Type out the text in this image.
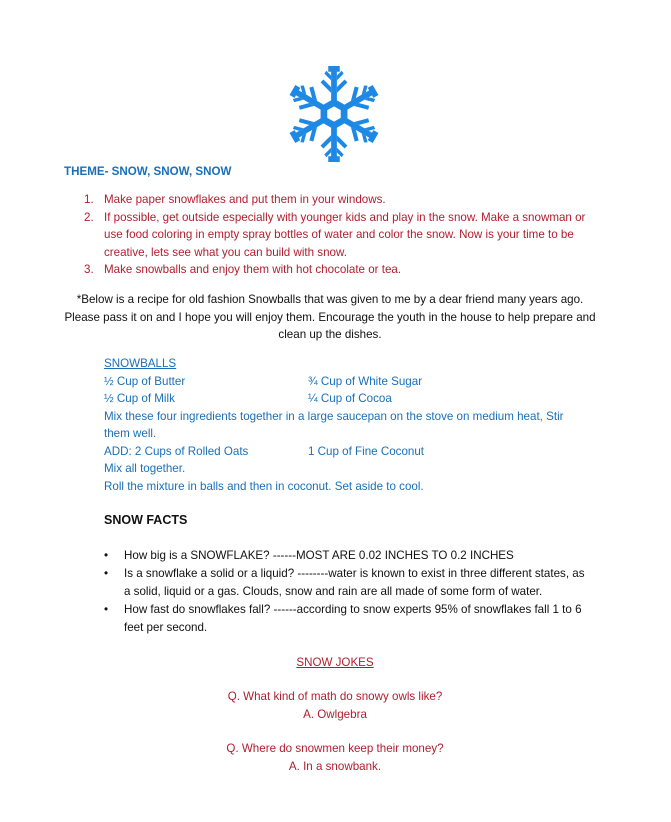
THEME- SNOW, SNOW, SNOW
1. Make paper snowflakes and put them in your windows.
2. If possible, get outside especially with younger kids and play in the snow. Make a snowman or
use food coloring in empty spray bottles of water and color the snow. Now is your time to be
creative, lets see what you can build with snow.
3. Make snowballs and enjoy them with hot chocolate or tea.
*Below is a recipe for old fashion Snowballs that was given to me by a dear friend many years ago.
Please pass it on and I hope you will enjoy them. Encourage the youth in the house to help prepare and
clean up the dishes.
SNOWBALLS
½ Cup of Butter	¾ Cup of White Sugar
½ Cup of Milk	¼ Cup of Cocoa
Mix these four ingredients together in a large saucepan on the stove on medium heat, Stir
them well.
ADD: 2 Cups of Rolled Oats	1 Cup of Fine Coconut
Mix all together.
Roll the mixture in balls and then in coconut. Set aside to cool.
SNOW FACTS
• How big is a SNOWFLAKE? ------MOST ARE 0.02 INCHES TO 0.2 INCHES
• Is a snowflake a solid or a liquid? --------water is known to exist in three different states, as
a solid, liquid or a gas. Clouds, snow and rain are all made of some form of water.
• How fast do snowflakes fall? ------according to snow experts 95% of snowflakes fall 1 to 6
feet per second.
SNOW JOKES
Q. What kind of math do snowy owls like?
A. Owlgebra
Q. Where do snowmen keep their money?
A. In a snowbank.
